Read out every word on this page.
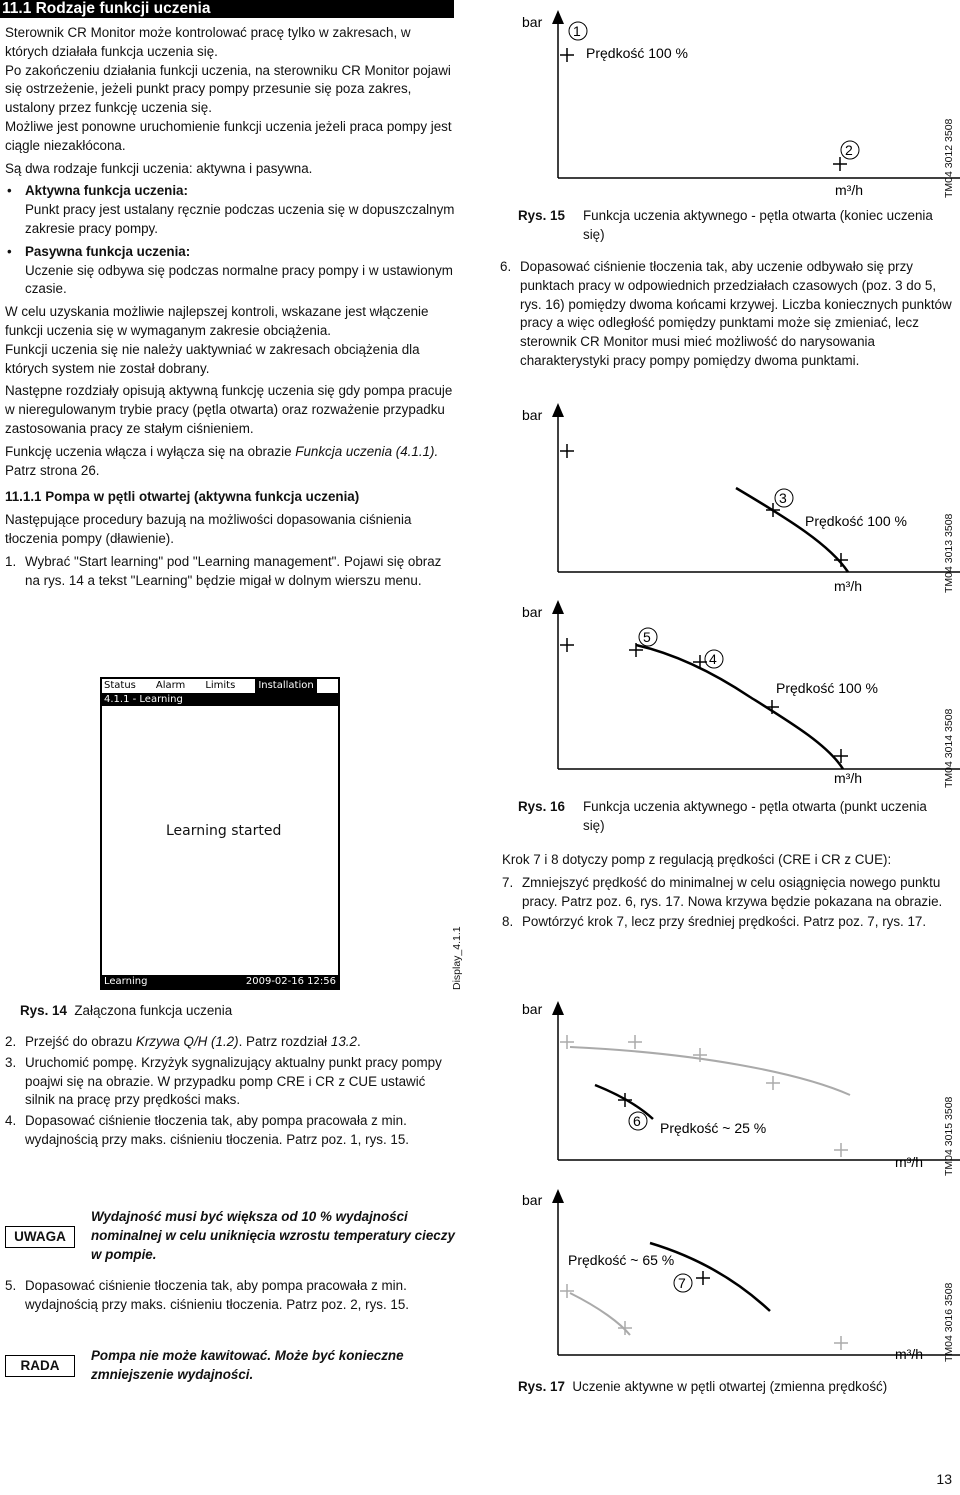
11.1 Rodzaje funkcji uczenia

Sterownik CR Monitor może kontrolować pracę tylko w zakresach, w których działała funkcja uczenia się.

Po zakończeniu działania funkcji uczenia, na sterowniku CR Monitor pojawi się ostrzeżenie, jeżeli punkt pracy pompy przesunie się poza zakres, ustalony przez funkcję uczenia się.

Możliwe jest ponowne uruchomienie funkcji uczenia jeżeli praca pompy jest ciągle niezakłócona.

Są dwa rodzaje funkcji uczenia: aktywna i pasywna.

• Aktywna funkcja uczenia:
Punkt pracy jest ustalany ręcznie podczas uczenia się w dopuszczalnym zakresie pracy pompy.
• Pasywna funkcja uczenia:
Uczenie się odbywa się podczas normalne pracy pompy i w ustawionym czasie.

W celu uzyskania możliwie najlepszej kontroli, wskazane jest włączenie funkcji uczenia się w wymaganym zakresie obciążenia.

Funkcji uczenia się nie należy uaktywniać w zakresach obciążenia dla których system nie został dobrany.

Następne rozdziały opisują aktywną funkcję uczenia się gdy pompa pracuje w nieregulowanym trybie pracy (pętla otwarta) oraz rozważenie przypadku zastosowania pracy ze stałym ciśnieniem.

Funkcję uczenia włącza i wyłącza się na obrazie Funkcja uczenia (4.1.1).

Patrz strona 26.

11.1.1 Pompa w pętli otwartej (aktywna funkcja uczenia)

Następujące procedury bazują na możliwości dopasowania ciśnienia tłoczenia pompy (dławienie).

1. Wybrać "Start learning" pod "Learning management". Pojawi się obraz na rys. 14 a tekst "Learning" będzie migał w dolnym wierszu menu.
Status Alarm Limits	Installation
4.1.1 - Learning
Learning started
Learning	2009-02-16 12:56	Display_4.1.1
Rys. 14 Załączona funkcja uczenia
2. Przejść do obrazu Krzywa Q/H (1.2). Patrz rozdział 13.2.
3. Uruchomić pompę. Krzyżyk sygnalizujący aktualny punkt pracy pompy poajwi się na obrazie. W przypadku pomp CRE i CR z CUE ustawić silnik na pracę przy prędkości maks.
4. Dopasować ciśnienie tłoczenia tak, aby pompa pracowała z min. wydajnością przy maks. ciśnieniu tłoczenia. Patrz poz. 1, rys. 15.
UWAGA
Wydajność musi być większa od 10 % wydajności nominalnej w celu uniknięcia wzrostu temperatury cieczy w pompie.
5. Dopasować ciśnienie tłoczenia tak, aby pompa pracowała z min. wydajnością przy maks. ciśnieniu tłoczenia. Patrz poz. 2, rys. 15.
RADA
Pompa nie może kawitować. Może być konieczne zmniejszenie wydajności.
bar
1
Prędkość 100 %
2
m³/h	TM04 3012 3508
Rys. 15 Funkcja uczenia aktywnego - pętla otwarta (koniec uczenia się)
6. Dopasować ciśnienie tłoczenia tak, aby uczenie odbywało się przy punktach pracy w odpowiednich przedziałach czasowych (poz. 3 do 5, rys. 16) pomiędzy dwoma końcami krzywej. Liczba koniecznych punktów pracy a więc odległość pomiędzy punktami może się zmieniać, lecz sterownik CR Monitor musi mieć możliwość do narysowania charakterystyki pracy pompy pomiędzy dwoma punktami.
bar
3
Prędkość 100 %
m³/h	TM04 3013 3508
bar
5
4
Prędkość 100 %
m³/h	TM04 3014 3508
Rys. 16 Funkcja uczenia aktywnego - pętla otwarta (punkt uczenia się)

Krok 7 i 8 dotyczy pomp z regulacją prędkości (CRE i CR z CUE):

7. Zmniejszyć prędkość do minimalnej w celu osiągnięcia nowego punktu pracy. Patrz poz. 6, rys. 17. Nowa krzywa będzie pokazana na obrazie.
8. Powtórzyć krok 7, lecz przy średniej prędkości. Patrz poz. 7, rys. 17.
bar
6 Prędkość ~ 25 %
m³/h TM04 3015 3508
bar
7
Prędkość ~ 65 %
m³/h TM04 3016 3508
Rys. 17 Uczenie aktywne w pętli otwartej (zmienna prędkość)
13
